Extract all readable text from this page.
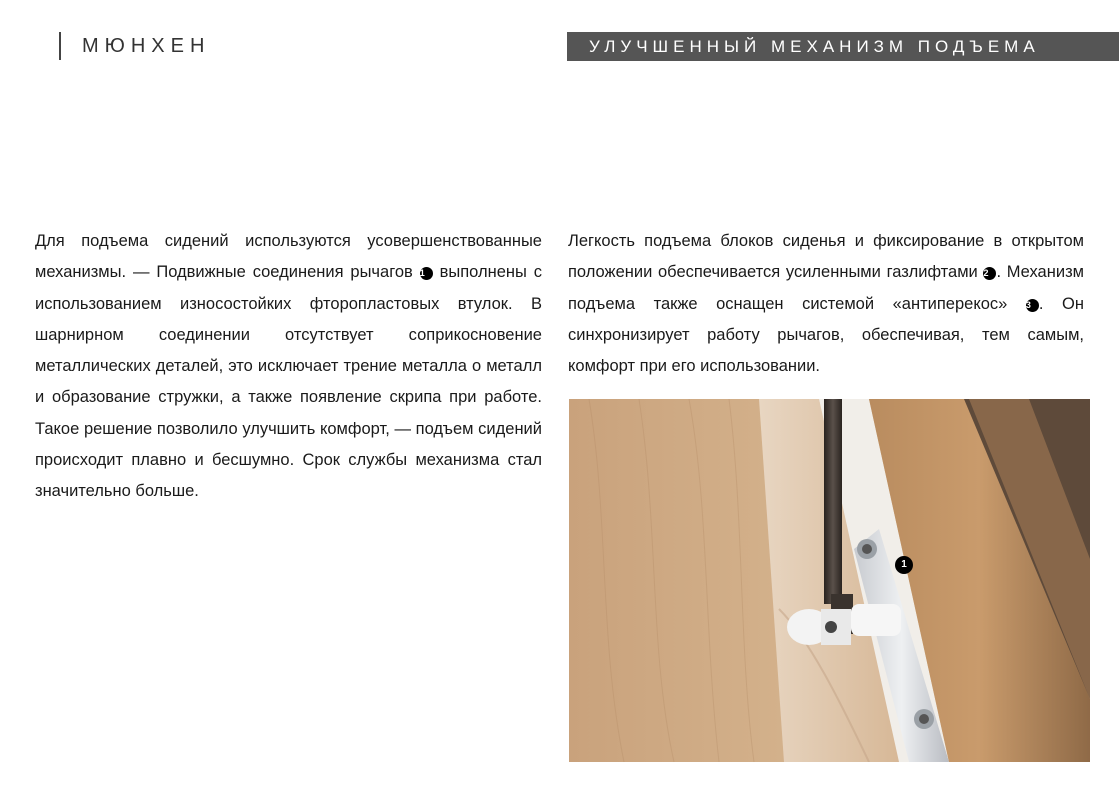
МЮНХЕН	УЛУЧШЕННЫЙ МЕХАНИЗМ ПОДЪЕМА
Для подъема сидений используются усовершенствованные механизмы. — Подвижные соединения рычагов 1 выполнены с использованием износостойких фторопластовых втулок. В шарнирном соединении отсутствует соприкосновение металлических деталей, это исключает трение металла о металл и образование стружки, а также появление скрипа при работе. Такое решение позволило улучшить комфорт, — подъем сидений происходит плавно и бесшумно. Срок службы механизма стал значительно больше.
Легкость подъема блоков сиденья и фиксирование в открытом положении обеспечивается усиленными газлифтами 2 . Механизм подъема также оснащен системой «антиперекос» 3 . Он синхронизирует работу рычагов, обеспечивая, тем самым, комфорт при его использовании.
1
